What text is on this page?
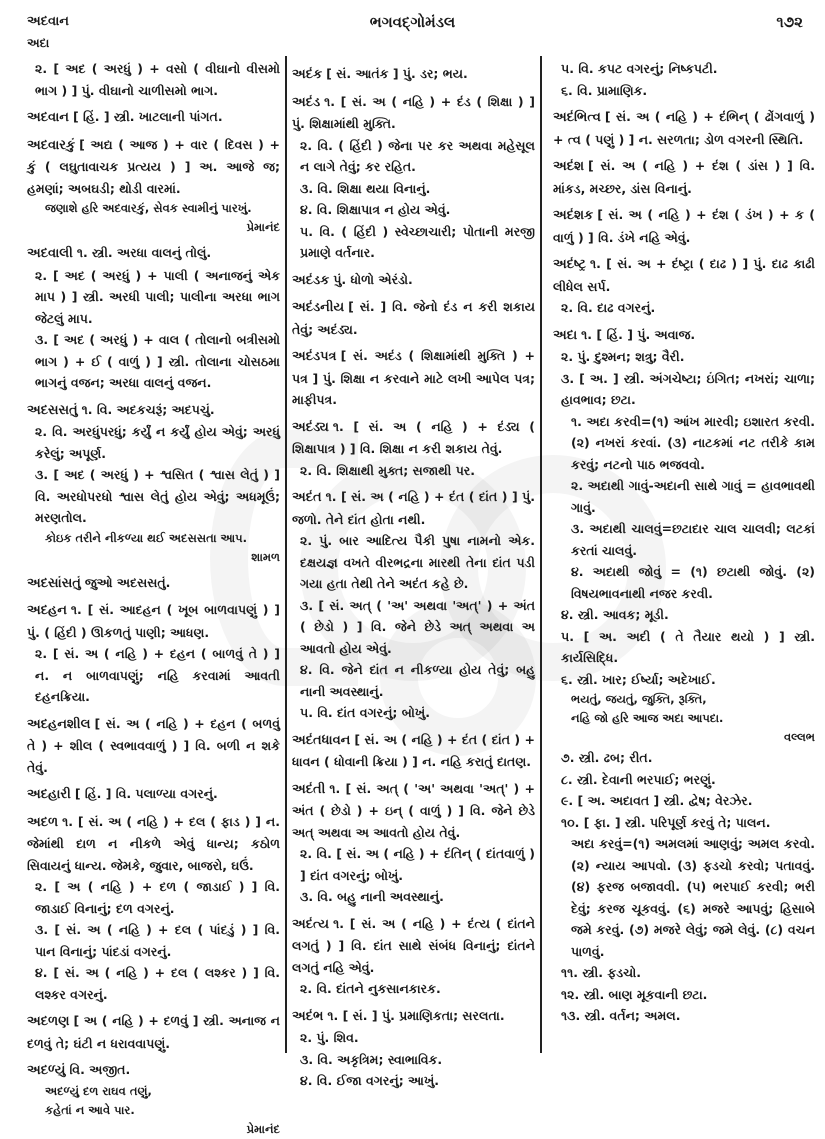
અદવાન
અદા
ભગવદ્ગોમંડલ	૧૭૨
૨. [ અદ ( અરધું ) + વસો ( વીઘાનો વીસમો ભાગ ) ] પું. વીઘાનો ચાળીસમો ભાગ.
અદવાન [ હિં. ] સ્ત્રી. ખાટલાની પાંગત.
અદવારકું [ અદ્ય ( આજ ) + વાર ( દિવસ ) + કું ( લઘુતાવાચક પ્રત્યય ) ] અ. આજે જ; હમણાં; અબઘડી; થોડી વારમાં.
જણાશે હરિ અદવારકું, સેવક સ્વામીનું પારખું.
પ્રેમાનંદ
અદવાલી ૧. સ્ત્રી. અરધા વાલનું તોલું.
૨. [ અદ ( અરધું ) + પાલી ( અનાજનું એક માપ ) ] સ્ત્રી. અરધી પાલી; પાલીના અરધા ભાગ જેટલું માપ.
૩. [ અદ ( અરધું ) + વાલ ( તોલાનો બત્રીસમો ભાગ ) + ઈ ( વાળું ) ] સ્ત્રી. તોલાના ચોસઠમા ભાગનું વજન; અરધા વાલનું વજન.
અદસસતું ૧. વિ. અદકચરૂં; અદપચું.
૨. વિ. અરધુંપરધું; કર્યું ન કર્યું હોય એવું; અરધું કરેલું; અપૂર્ણ.
૩. [ અદ ( અરધું ) + શ્વસિત ( શ્વાસ લેતું ) ] વિ. અરધોપરધો શ્વાસ લેતું હોય એવું; અધમૂઉં; મરણતોલ.
કોઇક તરીને નીકળ્યા થઈ અદસસતા આપ.
શામળ
અદસાંસતું જુઓ અદસસતું.
અદહન ૧. [ સં. આદહન ( ખૂબ બાળવાપણું ) ] પું. ( હિંદી ) ઊકળતું પાણી; આધણ.
૨. [ સં. અ ( નહિ ) + દહન ( બાળવું તે ) ] ન. ન બાળવાપણું; નહિ કરવામાં આવતી દહનક્રિયા.
અદહનશીલ [ સં. અ ( નહિ ) + દહન ( બળવું તે ) + શીલ ( સ્વભાવવાળું ) ] વિ. બળી ન શકે તેવું.
અદહારી [ હિં. ] વિ. પલાળ્યા વગરનું.
અદળ ૧. [ સં. અ ( નહિ ) + દલ ( ફાડ ) ] ન. જેમાંથી દાળ ન નીકળે એવું ધાન્ય; કઠોળ સિવાયનું ધાન્ય. જેમકે, જુવાર, બાજરો, ઘઉં.
૨. [ અ ( નહિ ) + દળ ( જાડાઈ ) ] વિ. જાડાઈ વિનાનું; દળ વગરનું.
૩. [ સં. અ ( નહિ ) + દલ ( પાંદડું ) ] વિ. પાન વિનાનું; પાંદડાં વગરનું.
૪. [ સં. અ ( નહિ ) + દલ ( લશ્કર ) ] વિ. લશ્કર વગરનું.
અદળણ [ અ ( નહિ ) + દળવું ] સ્ત્રી. અનાજ ન દળવું તે; ઘંટી ન ધરાવવાપણું.
અદળ્યું વિ. અજીત.
અદળ્યું દળ રાઘવ તણું,
કહેતાં ન આવે પાર.
પ્રેમાનંદ
અદંક [ સં. આતંક ] પું. ડર; ભય.
અદંડ ૧. [ સં. અ ( નહિ ) + દંડ ( શિક્ષા ) ] પું. શિક્ષામાંથી મુક્તિ.
૨. વિ. ( હિંદી ) જેના પર કર અથવા મહેસૂલ ન લાગે તેવું; કર રહિત.
૩. વિ. શિક્ષા થયા વિનાનું.
૪. વિ. શિક્ષાપાત્ર ન હોય એવું.
૫. વિ. ( હિંદી ) સ્વેચ્છાચારી; પોતાની મરજી પ્રમાણે વર્તનાર.
અદંડક પું. ધોળો એરંડો.
અદંડનીય [ સં. ] વિ. જેનો દંડ ન કરી શકાય તેવું; અદંડ્ય.
અદંડપત્ર [ સં. અદંડ ( શિક્ષામાંથી મુક્તિ ) + પત્ર ] પું. શિક્ષા ન કરવાને માટે લખી આપેલ પત્ર; માફીપત્ર.
અદંડ્ય ૧. [ સં. અ ( નહિ ) + દંડ્ય ( શિક્ષાપાત્ર ) ] વિ. શિક્ષા ન કરી શકાય તેવું.
૨. વિ. શિક્ષાથી મુક્ત; સજાથી પર.
અદંત ૧. [ સં. અ ( નહિ ) + દંત ( દાંત ) ] પું. જળો. તેને દાંત હોતા નથી.
૨. પું. બાર આદિત્ય પૈકી પુષા નામનો એક. દક્ષયજ્ઞ વખતે વીરભદ્રના મારથી તેના દાંત પડી ગયા હતા તેથી તેને અદંત કહે છે.
૩. [ સં. અત્ ( 'અ' અથવા 'અત્' ) + અંત ( છેડો ) ] વિ. જેને છેડે અત્ અથવા અ આવતો હોય એવું.
૪. વિ. જેને દાંત ન નીકળ્યા હોય તેવું; બહુ નાની અવસ્થાનું.
૫. વિ. દાંત વગરનું; બોખું.
અદંતધાવન [ સં. અ ( નહિ ) + દંત ( દાંત ) + ધાવન ( ધોવાની ક્રિયા ) ] ન. નહિ કરાતું દાતણ.
અદંતી ૧. [ સં. અત્ ( 'અ' અથવા 'અત્' ) + અંત ( છેડો ) + ઇન્ ( વાળું ) ] વિ. જેને છેડે અત્ અથવા અ આવતો હોય તેવું.
૨. વિ. [ સં. અ ( નહિ ) + દંતિન્ ( દાંતવાળું ) ] દાંત વગરનું; બોખું.
૩. વિ. બહુ નાની અવસ્થાનું.
અદંત્ય ૧. [ સં. અ ( નહિ ) + દંત્ય ( દાંતને લગતું ) ] વિ. દાંત સાથે સંબંધ વિનાનું; દાંતને લગતું નહિ એવું.
૨. વિ. દાંતને નુકસાનકારક.
અદંભ ૧. [ સં. ] પું. પ્રમાણિકતા; સરલતા.
૨. પું. શિવ.
૩. વિ. અકૃત્રિમ; સ્વાભાવિક.
૪. વિ. ઈજા વગરનું; આખું.
૫. વિ. કપટ વગરનું; નિષ્કપટી.
૬. વિ. પ્રામાણિક.
અદંભિત્વ [ સં. અ ( નહિ ) + દંભિન્ ( ઢોંગવાળું ) + ત્વ ( પણું ) ] ન. સરળતા; ડોળ વગરની સ્થિતિ.
અદંશ [ સં. અ ( નહિ ) + દંશ ( ડાંસ ) ] વિ. માંકડ, મચ્છર, ડાંસ વિનાનું.
અદંશક [ સં. અ ( નહિ ) + દંશ ( ડંખ ) + ક ( વાળું ) ] વિ. ડંખે નહિ એવું.
અદંષ્ટ્ર ૧. [ સં. અ + દંષ્ટ્રા ( દાઢ ) ] પું. દાઢ કાઢી લીધેલ સર્પ.
૨. વિ. દાઢ વગરનું.
અદા ૧. [ હિં. ] પું. અવાજ.
૨. પું. દુશ્મન; શત્રુ; વૈરી.
૩. [ અ. ] સ્ત્રી. અંગચેષ્ટા; ઇંગિત; નખરાં; ચાળા; હાવભાવ; છટા.
૧. અદા કરવી=(૧) આંખ મારવી; ઇશારત કરવી. (૨) નખરાં કરવાં. (૩) નાટકમાં નટ તરીકે કામ કરવું; નટનો પાઠ ભજવવો.
૨. અદાથી ગાવું-અદાની સાથે ગાવું = હાવભાવથી ગાવું.
૩. અદાથી ચાલવું=છટાદાર ચાલ ચાલવી; લટકાં કરતાં ચાલવું.
૪. અદાથી જોવું = (૧) છટાથી જોવું. (૨) વિષયભાવનાથી નજર કરવી.
૪. સ્ત્રી. આવક; મૂડી.
૫. [ અ. અદી ( તે તૈયાર થયો ) ] સ્ત્રી. કાર્યસિદ્ધિ.
૬. સ્ત્રી. ખાર; ઈર્ષ્યા; અદેખાઈ.
ભયતું, જયતું, જુક્તિ, રૂક્તિ,
નહિ જો હરિ આજ અદા આપદા.
વલ્લભ
૭. સ્ત્રી. ઢબ; રીત.
૮. સ્ત્રી. દેવાની ભરપાઈ; ભરણું.
૯. [ અ. અદાવત ] સ્ત્રી. દ્વેષ; વેરઝેર.
૧૦. [ ફા. ] સ્ત્રી. પરિપૂર્ણ કરવું તે; પાલન.
અદા કરવું=(૧) અમલમાં આણવું; અમલ કરવો. (૨) ન્યાય આપવો. (૩) ફડચો કરવો; પતાવવું. (૪) ફરજ બજાવવી. (૫) ભરપાઈ કરવી; ભરી દેવું; કરજ ચૂકવવું. (૬) મજરે આપવું; હિસાબે જમે કરવું. (૭) મજરે લેવું; જમે લેવું. (૮) વચન પાળવું.
૧૧. સ્ત્રી. ફડચો.
૧૨. સ્ત્રી. બાણ મૂકવાની છટા.
૧૩. સ્ત્રી. વર્તન; અમલ.
